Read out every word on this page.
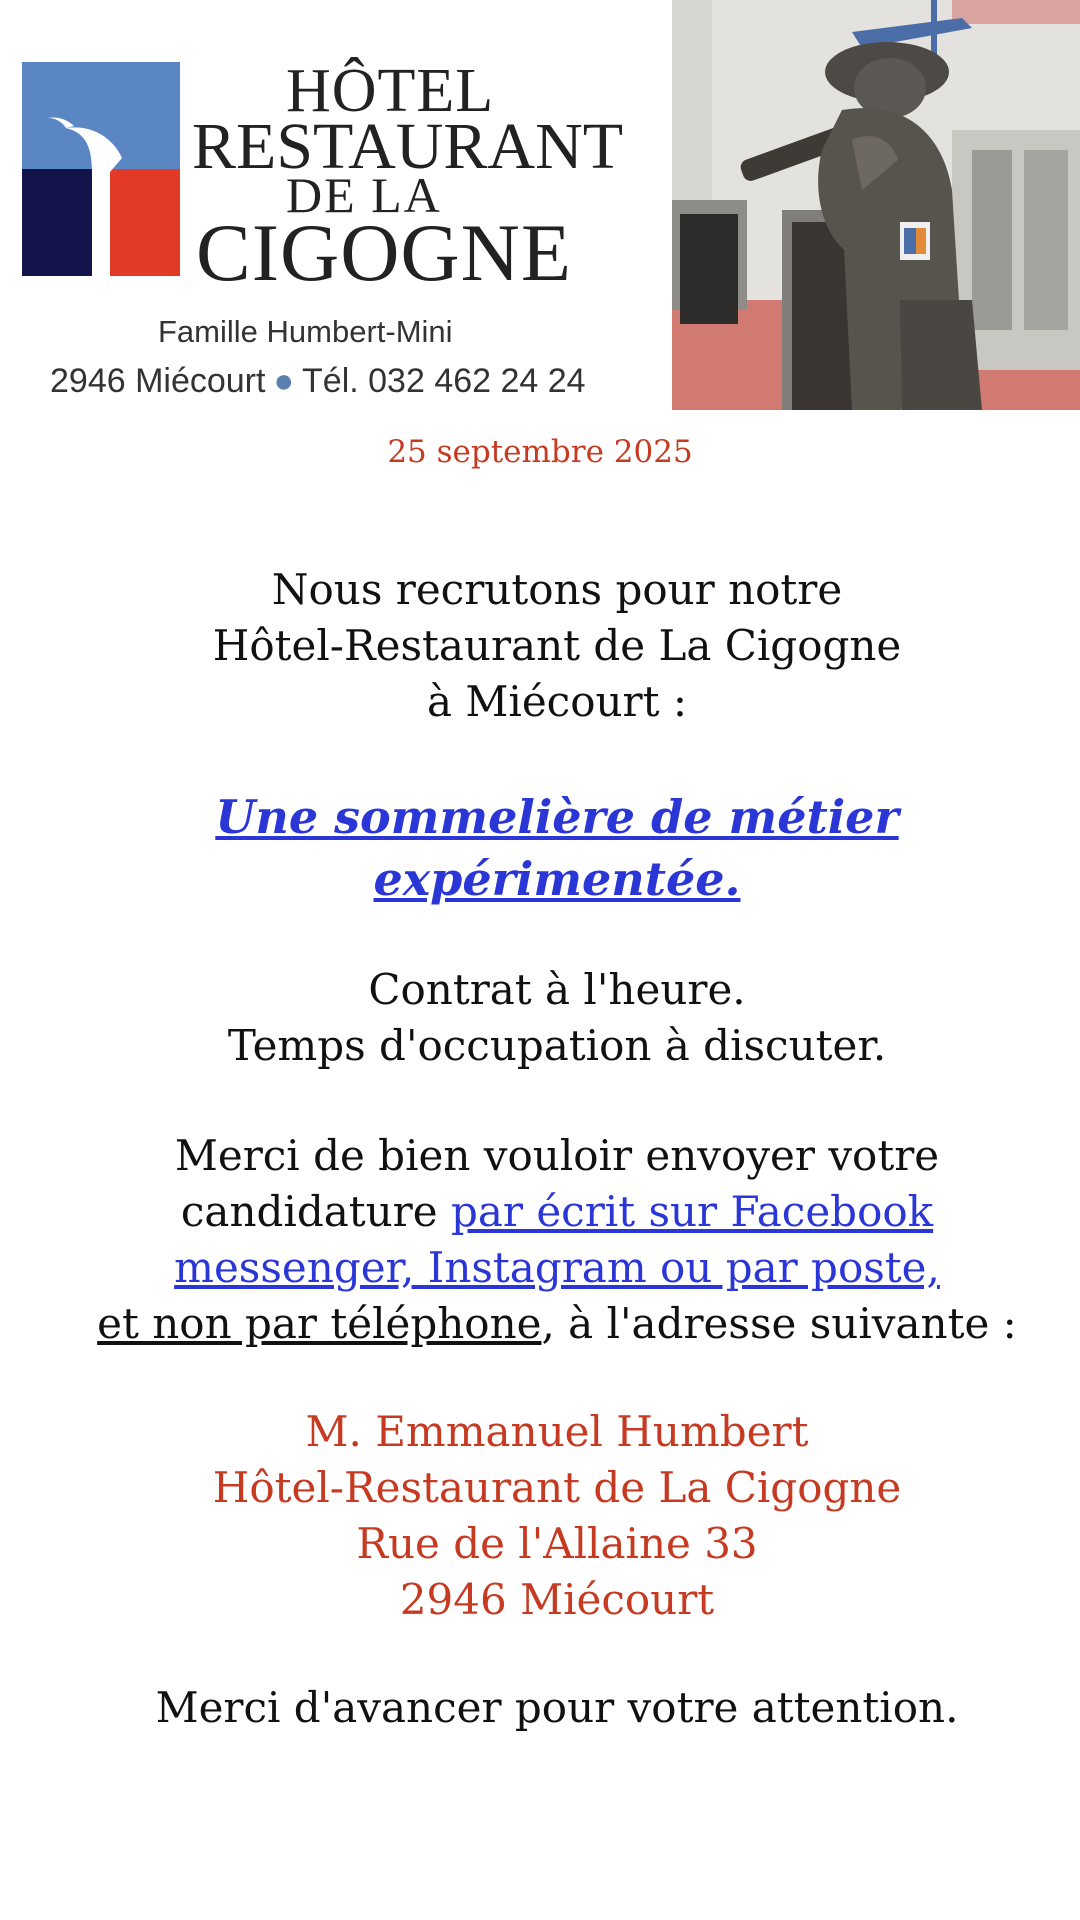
HÔTEL
RESTAURANT
DE LA
CIGOGNE
Famille Humbert-Mini
2946 Miécourt ● Tél. 032 462 24 24
25 septembre 2025
Nous recrutons pour notre
Hôtel-Restaurant de La Cigogne
à Miécourt :
Une sommelière de métier
expérimentée.
Contrat à l'heure.
Temps d'occupation à discuter.
Merci de bien vouloir envoyer votre
candidature par écrit sur Facebook
messenger, Instagram ou par poste,
et non par téléphone, à l'adresse suivante :
M. Emmanuel Humbert
Hôtel-Restaurant de La Cigogne
Rue de l'Allaine 33
2946 Miécourt
Merci d'avancer pour votre attention.
